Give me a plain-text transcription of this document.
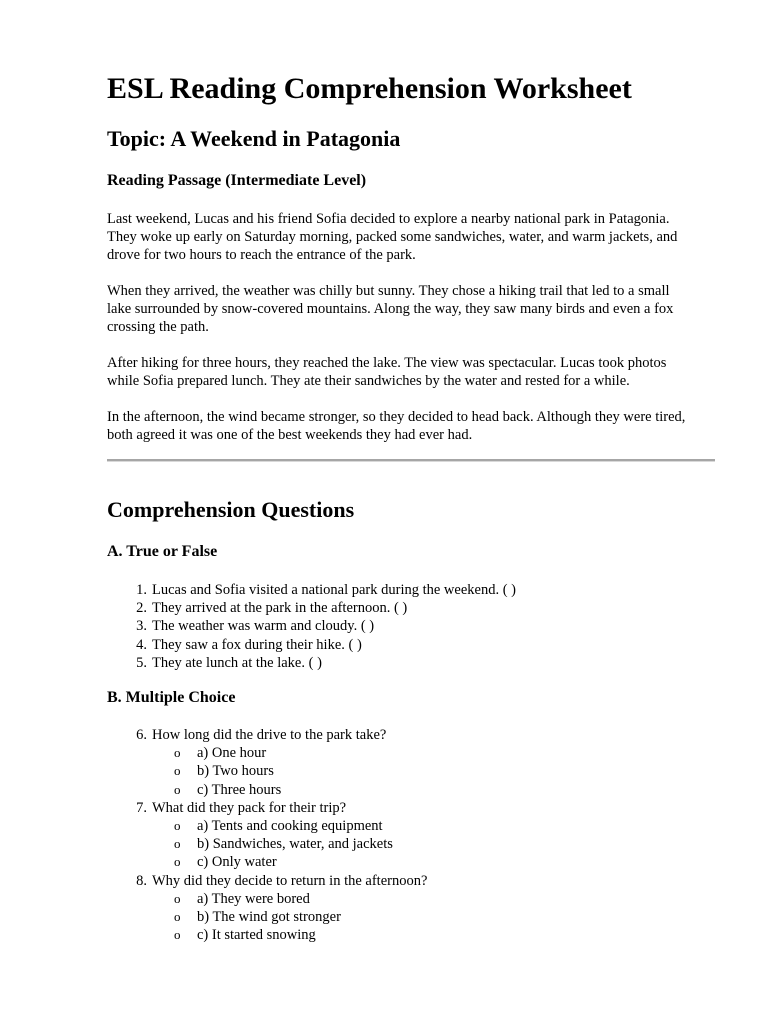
ESL Reading Comprehension Worksheet
Topic: A Weekend in Patagonia
Reading Passage (Intermediate Level)

Last weekend, Lucas and his friend Sofia decided to explore a nearby national park in Patagonia.
They woke up early on Saturday morning, packed some sandwiches, water, and warm jackets, and
drove for two hours to reach the entrance of the park.

When they arrived, the weather was chilly but sunny. They chose a hiking trail that led to a small
lake surrounded by snow-covered mountains. Along the way, they saw many birds and even a fox
crossing the path.

After hiking for three hours, they reached the lake. The view was spectacular. Lucas took photos
while Sofia prepared lunch. They ate their sandwiches by the water and rested for a while.

In the afternoon, the wind became stronger, so they decided to head back. Although they were tired,
both agreed it was one of the best weekends they had ever had.

Comprehension Questions
A. True or False
1. Lucas and Sofia visited a national park during the weekend. ( )
2. They arrived at the park in the afternoon. ( )
3. The weather was warm and cloudy. ( )
4. They saw a fox during their hike. ( )
5. They ate lunch at the lake. ( )
B. Multiple Choice
6. How long did the drive to the park take?
o a) One hour
o b) Two hours
o c) Three hours
7. What did they pack for their trip?
o a) Tents and cooking equipment
o b) Sandwiches, water, and jackets
o c) Only water
8. Why did they decide to return in the afternoon?
o a) They were bored
o b) The wind got stronger
o c) It started snowing
